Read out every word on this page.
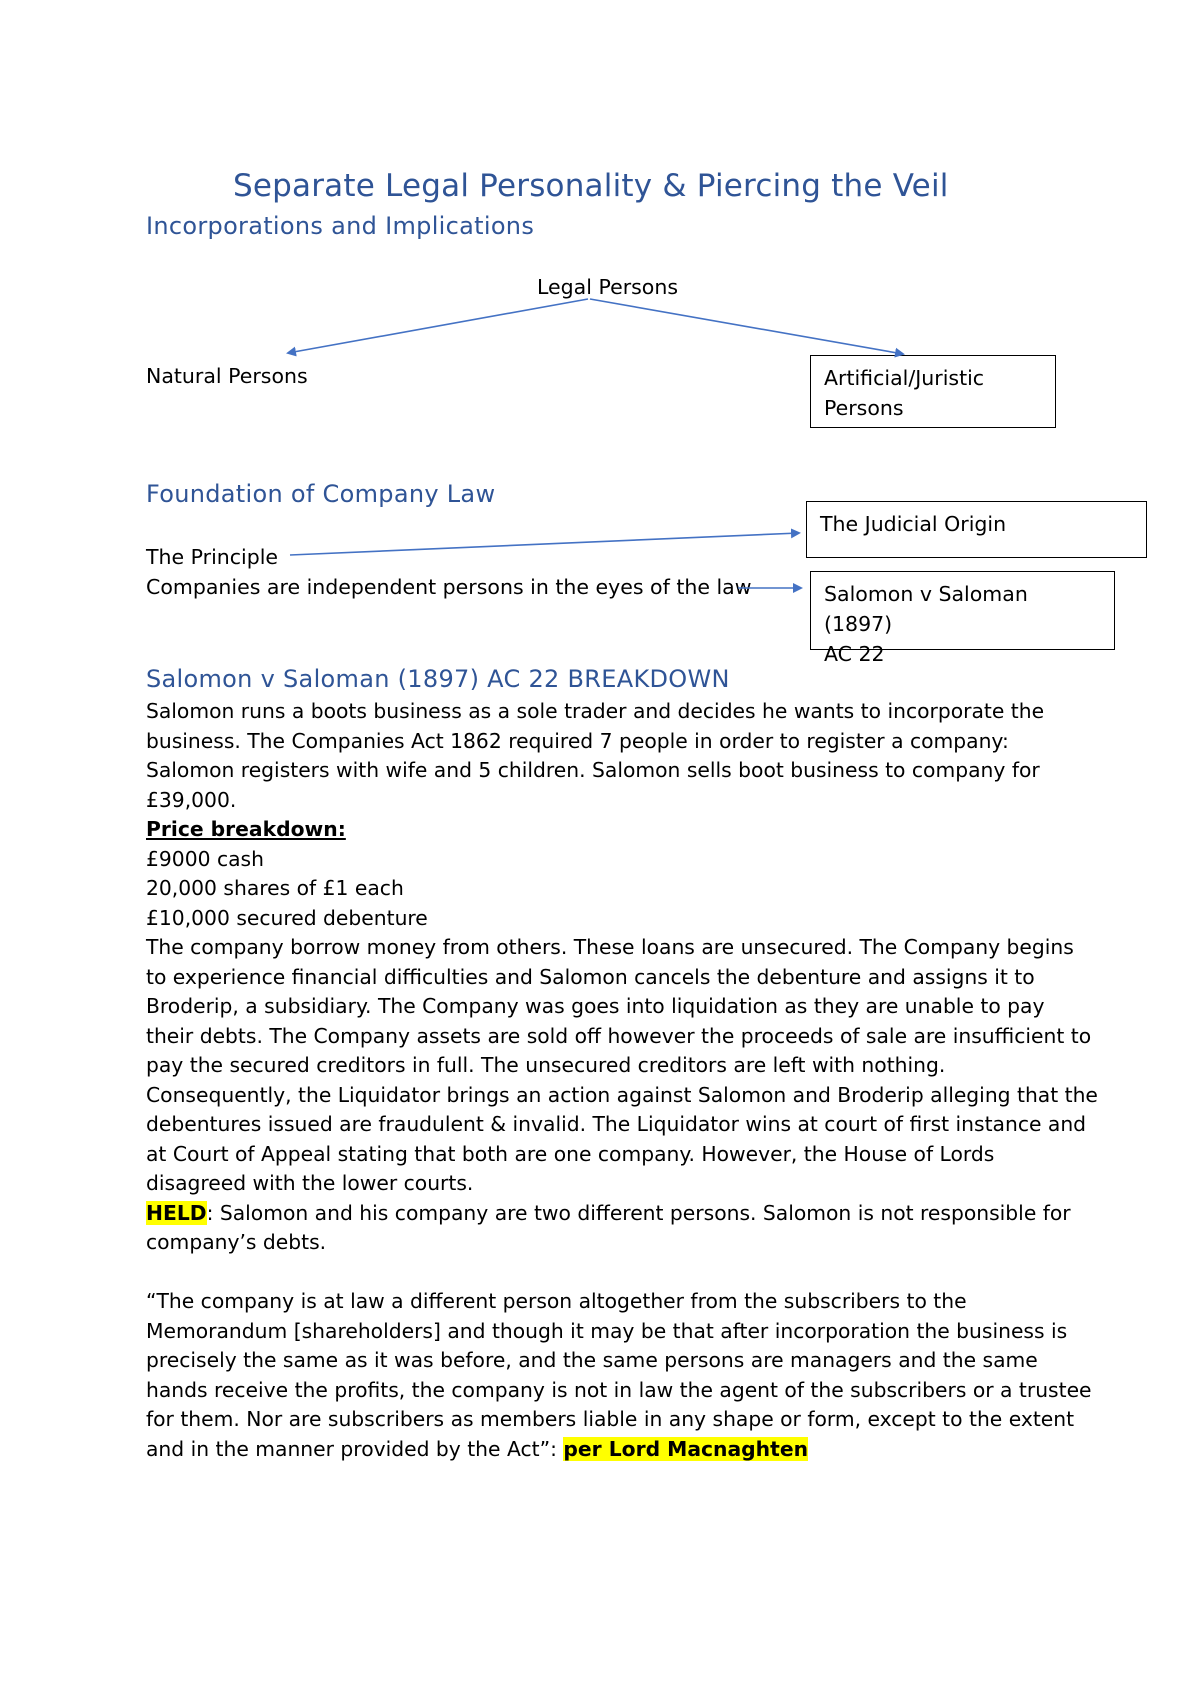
Separate Legal Personality & Piercing the Veil
Incorporations and Implications
Legal Persons
Natural Persons	Artificial/Juristic
Persons
Foundation of Company Law
The Principle
Companies are independent persons in the eyes of the law
The Judicial Origin
Salomon v Saloman (1897)
AC 22
Salomon v Saloman (1897) AC 22 BREAKDOWN
Salomon runs a boots business as a sole trader and decides he wants to incorporate the
business. The Companies Act 1862 required 7 people in order to register a company:
Salomon registers with wife and 5 children. Salomon sells boot business to company for
£39,000.
Price breakdown:
£9000 cash
20,000 shares of £1 each
£10,000 secured debenture
The company borrow money from others. These loans are unsecured. The Company begins
to experience financial difficulties and Salomon cancels the debenture and assigns it to
Broderip, a subsidiary. The Company was goes into liquidation as they are unable to pay
their debts. The Company assets are sold off however the proceeds of sale are insufficient to
pay the secured creditors in full. The unsecured creditors are left with nothing.
Consequently, the Liquidator brings an action against Salomon and Broderip alleging that the
debentures issued are fraudulent & invalid. The Liquidator wins at court of first instance and
at Court of Appeal stating that both are one company. However, the House of Lords
disagreed with the lower courts.
HELD: Salomon and his company are two different persons. Salomon is not responsible for
company’s debts.

“The company is at law a different person altogether from the subscribers to the
Memorandum [shareholders] and though it may be that after incorporation the business is
precisely the same as it was before, and the same persons are managers and the same
hands receive the profits, the company is not in law the agent of the subscribers or a trustee
for them. Nor are subscribers as members liable in any shape or form, except to the extent
and in the manner provided by the Act”: per Lord Macnaghten
